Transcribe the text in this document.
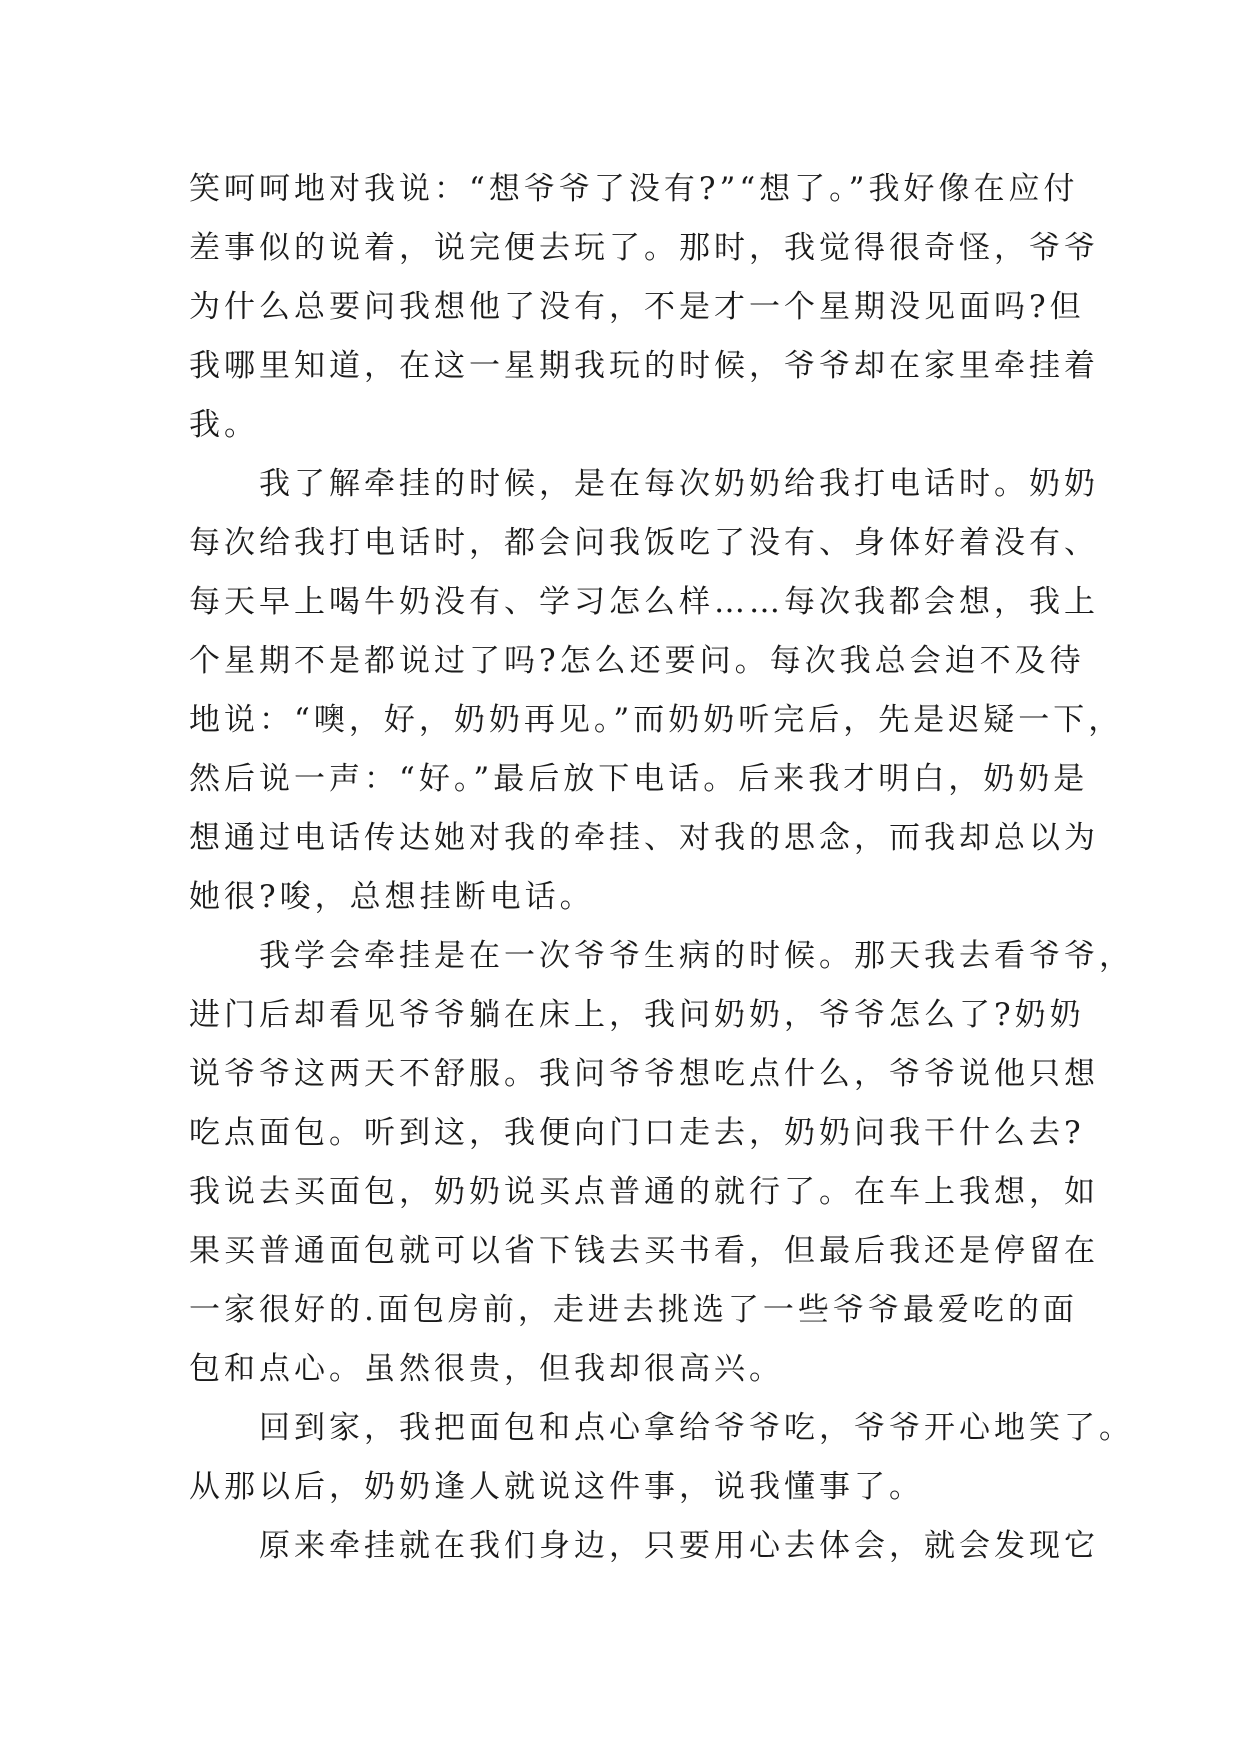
笑呵呵地对我说：“想爷爷了没有?”“想了。”我好像在应付
差事似的说着，说完便去玩了。那时，我觉得很奇怪，爷爷
为什么总要问我想他了没有，不是才一个星期没见面吗?但
我哪里知道，在这一星期我玩的时候，爷爷却在家里牵挂着
我。
我了解牵挂的时候，是在每次奶奶给我打电话时。奶奶
每次给我打电话时，都会问我饭吃了没有、身体好着没有、
每天早上喝牛奶没有、学习怎么样……每次我都会想，我上
个星期不是都说过了吗?怎么还要问。每次我总会迫不及待
地说：“噢，好，奶奶再见。”而奶奶听完后，先是迟疑一下，
然后说一声：“好。”最后放下电话。后来我才明白，奶奶是
想通过电话传达她对我的牵挂、对我的思念，而我却总以为
她很?唆，总想挂断电话。
我学会牵挂是在一次爷爷生病的时候。那天我去看爷爷，
进门后却看见爷爷躺在床上，我问奶奶，爷爷怎么了?奶奶
说爷爷这两天不舒服。我问爷爷想吃点什么，爷爷说他只想
吃点面包。听到这，我便向门口走去，奶奶问我干什么去?
我说去买面包，奶奶说买点普通的就行了。在车上我想，如
果买普通面包就可以省下钱去买书看，但最后我还是停留在
一家很好的.面包房前，走进去挑选了一些爷爷最爱吃的面
包和点心。虽然很贵，但我却很高兴。
回到家，我把面包和点心拿给爷爷吃，爷爷开心地笑了。
从那以后，奶奶逢人就说这件事，说我懂事了。
原来牵挂就在我们身边，只要用心去体会，就会发现它
